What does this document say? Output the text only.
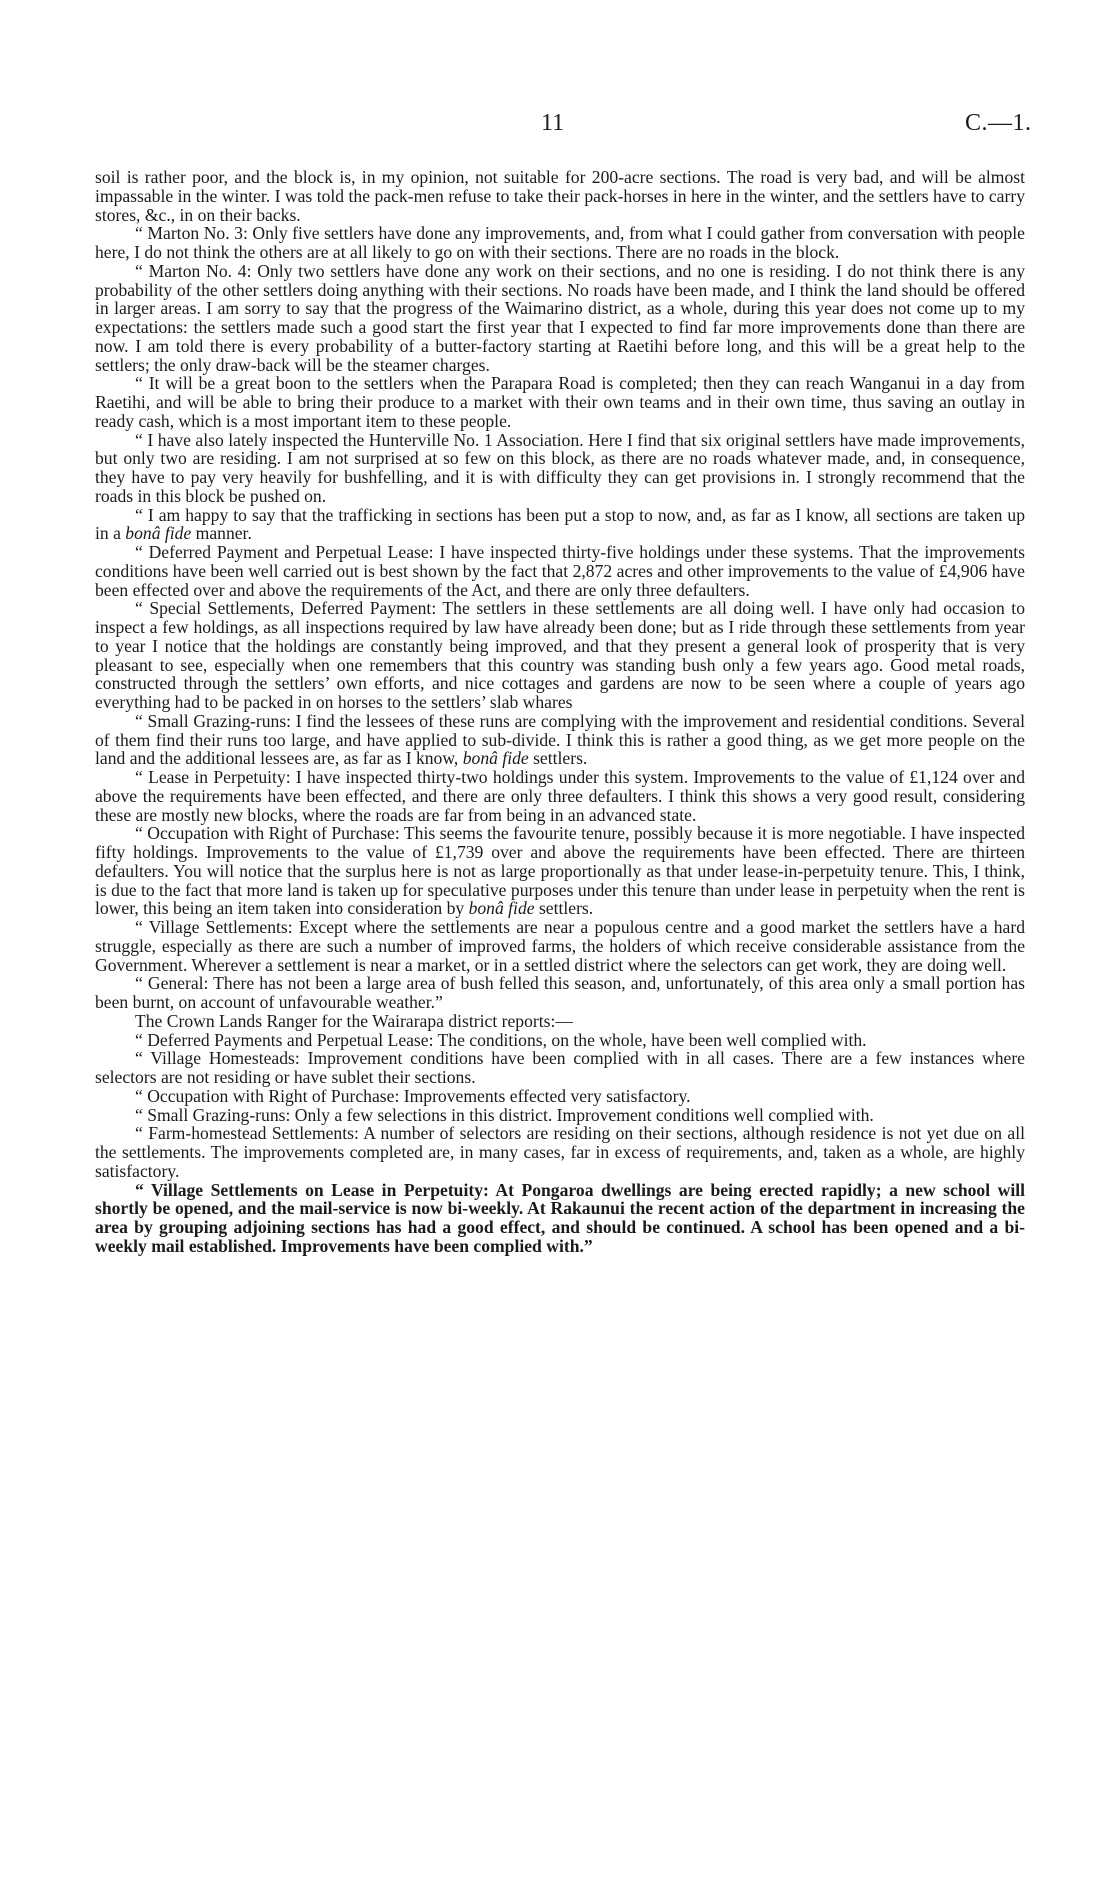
11	C.—1.

soil is rather poor, and the block is, in my opinion, not suitable for 200-acre sections. The road is very bad, and will be almost impassable in the winter. I was told the pack-men refuse to take their pack-horses in here in the winter, and the settlers have to carry stores, &c., in on their backs.

“ Marton No. 3: Only five settlers have done any improvements, and, from what I could gather from conversation with people here, I do not think the others are at all likely to go on with their sections. There are no roads in the block.

“ Marton No. 4: Only two settlers have done any work on their sections, and no one is residing. I do not think there is any probability of the other settlers doing anything with their sections. No roads have been made, and I think the land should be offered in larger areas. I am sorry to say that the progress of the Waimarino district, as a whole, during this year does not come up to my expectations: the settlers made such a good start the first year that I expected to find far more improvements done than there are now. I am told there is every probability of a butter-factory starting at Raetihi before long, and this will be a great help to the settlers; the only draw-back will be the steamer charges.

“ It will be a great boon to the settlers when the Parapara Road is completed; then they can reach Wanganui in a day from Raetihi, and will be able to bring their produce to a market with their own teams and in their own time, thus saving an outlay in ready cash, which is a most important item to these people.

“ I have also lately inspected the Hunterville No. 1 Association. Here I find that six original settlers have made improvements, but only two are residing. I am not surprised at so few on this block, as there are no roads whatever made, and, in consequence, they have to pay very heavily for bushfelling, and it is with difficulty they can get provisions in. I strongly recommend that the roads in this block be pushed on.

“ I am happy to say that the trafficking in sections has been put a stop to now, and, as far as I know, all sections are taken up in a bonâ fide manner.

“ Deferred Payment and Perpetual Lease: I have inspected thirty-five holdings under these systems. That the improvements conditions have been well carried out is best shown by the fact that 2,872 acres and other improvements to the value of £4,906 have been effected over and above the requirements of the Act, and there are only three defaulters.

“ Special Settlements, Deferred Payment: The settlers in these settlements are all doing well. I have only had occasion to inspect a few holdings, as all inspections required by law have already been done; but as I ride through these settlements from year to year I notice that the holdings are constantly being improved, and that they present a general look of prosperity that is very pleasant to see, especially when one remembers that this country was standing bush only a few years ago. Good metal roads, constructed through the settlers’ own efforts, and nice cottages and gardens are now to be seen where a couple of years ago everything had to be packed in on horses to the settlers’ slab whares

“ Small Grazing-runs: I find the lessees of these runs are complying with the improvement and residential conditions. Several of them find their runs too large, and have applied to sub-divide. I think this is rather a good thing, as we get more people on the land and the additional lessees are, as far as I know, bonâ fide settlers.

“ Lease in Perpetuity: I have inspected thirty-two holdings under this system. Improvements to the value of £1,124 over and above the requirements have been effected, and there are only three defaulters. I think this shows a very good result, considering these are mostly new blocks, where the roads are far from being in an advanced state.

“ Occupation with Right of Purchase: This seems the favourite tenure, possibly because it is more negotiable. I have inspected fifty holdings. Improvements to the value of £1,739 over and above the requirements have been effected. There are thirteen defaulters. You will notice that the surplus here is not as large proportionally as that under lease-in-perpetuity tenure. This, I think, is due to the fact that more land is taken up for speculative purposes under this tenure than under lease in perpetuity when the rent is lower, this being an item taken into consideration by bonâ fide settlers.

“ Village Settlements: Except where the settlements are near a populous centre and a good market the settlers have a hard struggle, especially as there are such a number of improved farms, the holders of which receive considerable assistance from the Government. Wherever a settlement is near a market, or in a settled district where the selectors can get work, they are doing well.

“ General: There has not been a large area of bush felled this season, and, unfortunately, of this area only a small portion has been burnt, on account of unfavourable weather.”

The Crown Lands Ranger for the Wairarapa district reports:—

“ Deferred Payments and Perpetual Lease: The conditions, on the whole, have been well complied with.

“ Village Homesteads: Improvement conditions have been complied with in all cases. There are a few instances where selectors are not residing or have sublet their sections.

“ Occupation with Right of Purchase: Improvements effected very satisfactory.

“ Small Grazing-runs: Only a few selections in this district. Improvement conditions well complied with.

“ Farm-homestead Settlements: A number of selectors are residing on their sections, although residence is not yet due on all the settlements. The improvements completed are, in many cases, far in excess of requirements, and, taken as a whole, are highly satisfactory.

“ Village Settlements on Lease in Perpetuity: At Pongaroa dwellings are being erected rapidly; a new school will shortly be opened, and the mail-service is now bi-weekly. At Rakaunui the recent action of the department in increasing the area by grouping adjoining sections has had a good effect, and should be continued. A school has been opened and a bi-weekly mail established. Improvements have been complied with.”
